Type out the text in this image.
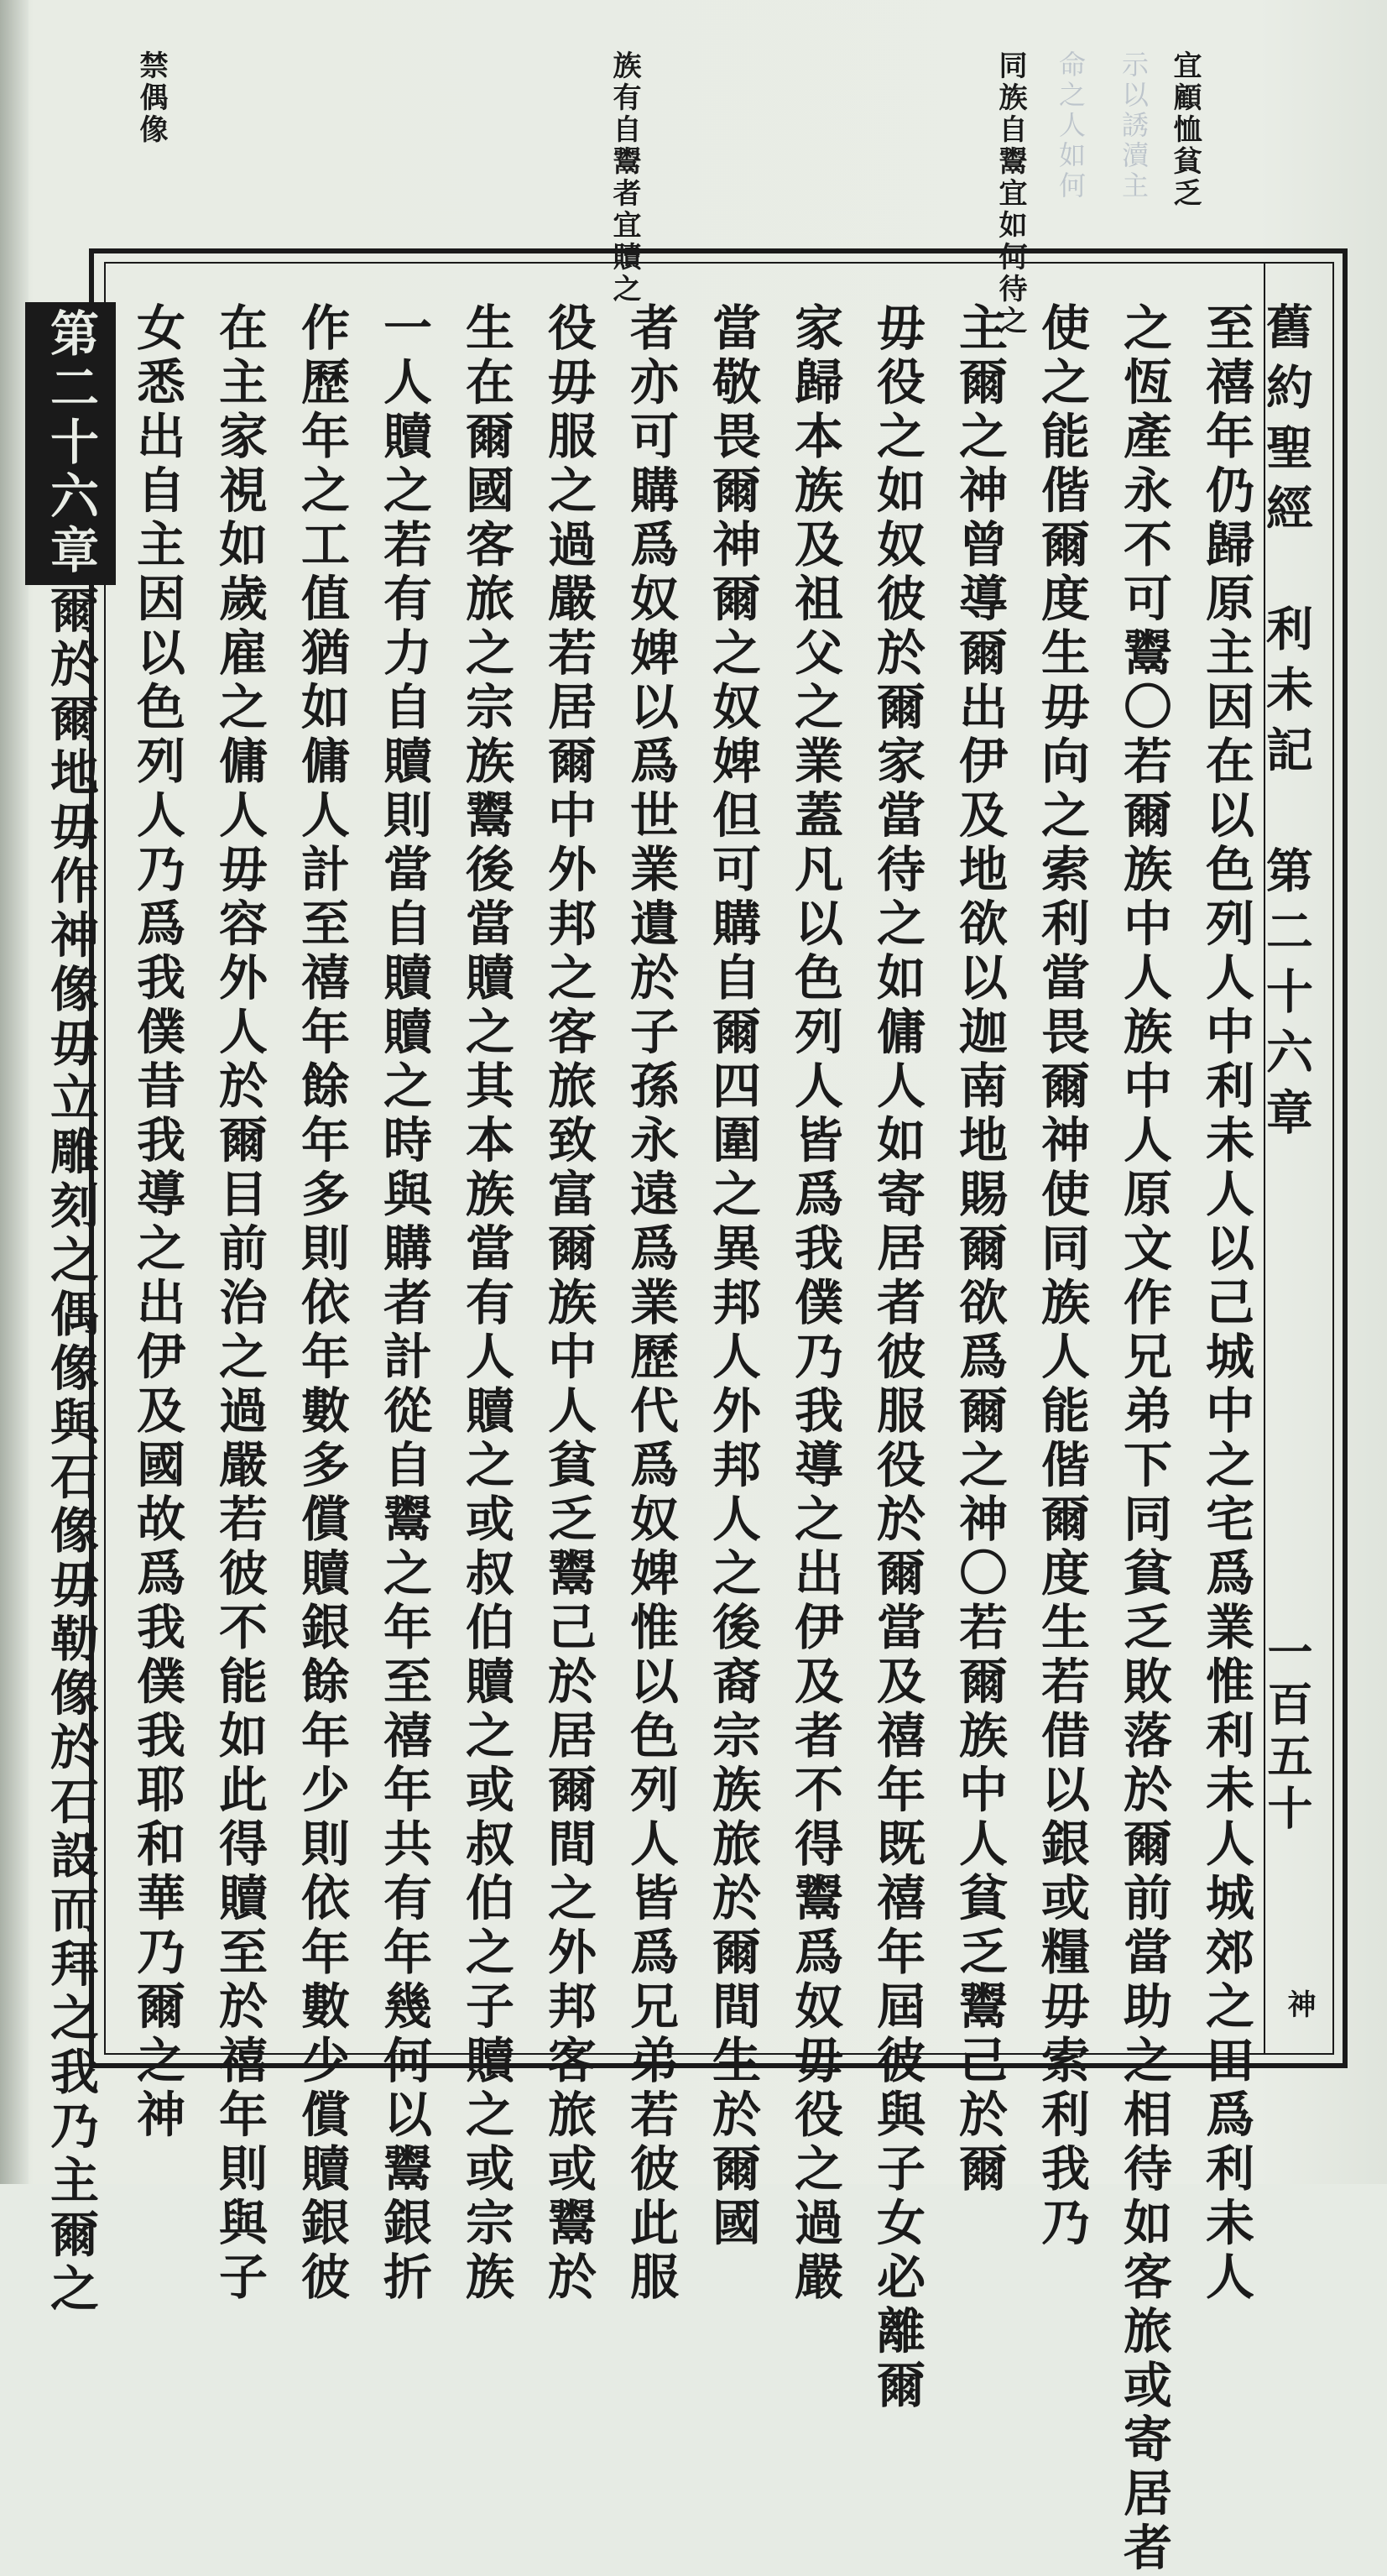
示以誘瀆主
命之人如何	宜顧恤貧乏
同族自鬻宜如何待之
族有自鬻者宜贖之
禁偶像
舊約聖經　利未記　第二十六章
一百五十
神

至禧年仍歸原主因在以色列人中利未人以己城中之宅爲業惟利未人城郊之田爲利未人

之恆產永不可鬻〇若爾族中人族中人原文作兄弟下同貧乏敗落於爾前當助之相待如客旅或寄居者

使之能偕爾度生毋向之索利當畏爾神使同族人能偕爾度生若借以銀或糧毋索利我乃

主爾之神曾導爾出伊及地欲以迦南地賜爾欲爲爾之神〇若爾族中人貧乏鬻己於爾

毋役之如奴彼於爾家當待之如傭人如寄居者彼服役於爾當及禧年既禧年屆彼與子女必離爾

家歸本族及祖父之業蓋凡以色列人皆爲我僕乃我導之出伊及者不得鬻爲奴毋役之過嚴

當敬畏爾神爾之奴婢但可購自爾四圍之異邦人外邦人之後裔宗族旅於爾間生於爾國

者亦可購爲奴婢以爲世業遺於子孫永遠爲業歷代爲奴婢惟以色列人皆爲兄弟若彼此服

役毋服之過嚴若居爾中外邦之客旅致富爾族中人貧乏鬻己於居爾間之外邦客旅或鬻於

生在爾國客旅之宗族鬻後當贖之其本族當有人贖之或叔伯贖之或叔伯之子贖之或宗族

一人贖之若有力自贖則當自贖贖之時與購者計從自鬻之年至禧年共有年幾何以鬻銀折

作歷年之工值猶如傭人計至禧年餘年多則依年數多償贖銀餘年少則依年數少償贖銀彼

在主家視如歲雇之傭人毋容外人於爾目前治之過嚴若彼不能如此得贖至於禧年則與子

女悉出自主因以色列人乃爲我僕昔我導之出伊及國故爲我僕我耶和華乃爾之神

第二十六章爾於爾地毋作神像毋立雕刻之偶像與石像毋勒像於石設而拜之我乃主爾之
